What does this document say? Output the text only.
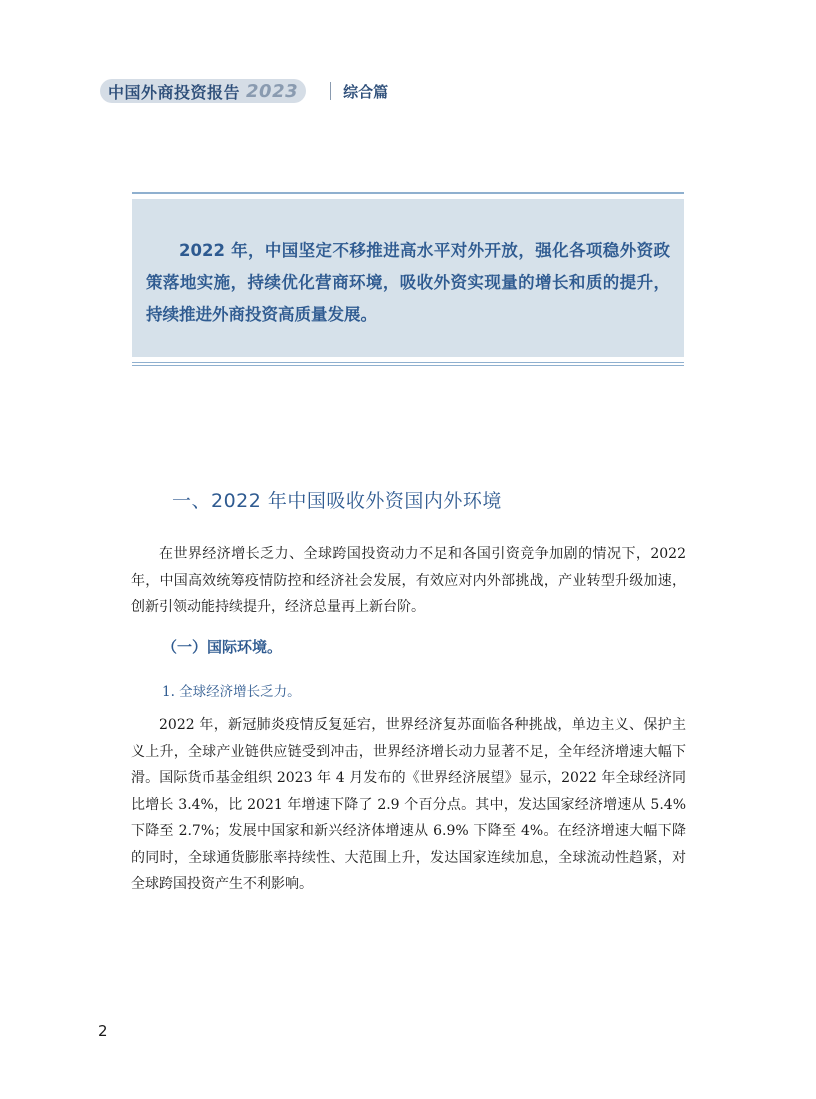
中国外商投资报告 2023	综合篇
2022 年，中国坚定不移推进高水平对外开放，强化各项稳外资政策落地实施，持续优化营商环境，吸收外资实现量的增长和质的提升，持续推进外商投资高质量发展。
一、2022 年中国吸收外资国内外环境
在世界经济增长乏力、全球跨国投资动力不足和各国引资竞争加剧的情况下，2022 年，中国高效统筹疫情防控和经济社会发展，有效应对内外部挑战，产业转型升级加速，创新引领动能持续提升，经济总量再上新台阶。
（一）国际环境。
1. 全球经济增长乏力。
2022 年，新冠肺炎疫情反复延宕，世界经济复苏面临各种挑战，单边主义、保护主义上升，全球产业链供应链受到冲击，世界经济增长动力显著不足，全年经济增速大幅下滑。国际货币基金组织 2023 年 4 月发布的《世界经济展望》显示，2022 年全球经济同比增长 3.4%，比 2021 年增速下降了 2.9 个百分点。其中，发达国家经济增速从 5.4% 下降至 2.7%；发展中国家和新兴经济体增速从 6.9% 下降至 4%。在经济增速大幅下降的同时，全球通货膨胀率持续性、大范围上升，发达国家连续加息，全球流动性趋紧，对全球跨国投资产生不利影响。
2
